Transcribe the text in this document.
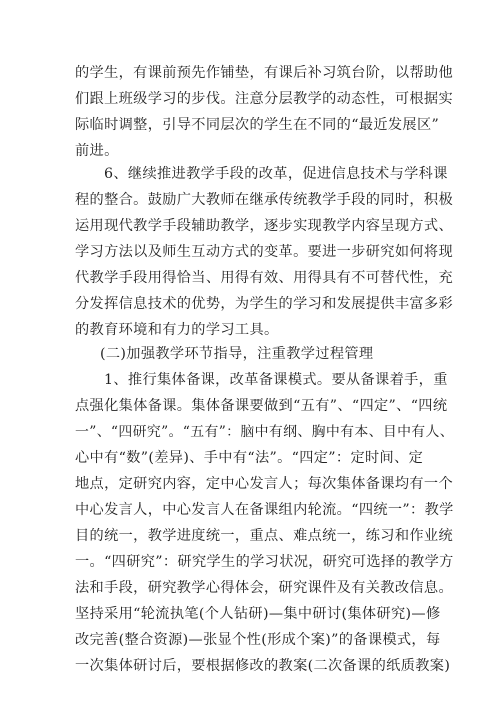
的学生，有课前预先作铺垫，有课后补习筑台阶，以帮助他
们跟上班级学习的步伐。注意分层教学的动态性，可根据实
际临时调整，引导不同层次的学生在不同的“最近发展区”
前进。
6、继续推进教学手段的改革，促进信息技术与学科课
程的整合。鼓励广大教师在继承传统教学手段的同时，积极
运用现代教学手段辅助教学，逐步实现教学内容呈现方式、
学习方法以及师生互动方式的变革。要进一步研究如何将现
代教学手段用得恰当、用得有效、用得具有不可替代性，充
分发挥信息技术的优势，为学生的学习和发展提供丰富多彩
的教育环境和有力的学习工具。
(二)加强教学环节指导，注重教学过程管理
1、推行集体备课，改革备课模式。要从备课着手，重
点强化集体备课。集体备课要做到“五有”、“四定”、“四统
一”、“四研究”。“五有”：脑中有纲、胸中有本、目中有人、
心中有“数”(差异)、手中有“法”。“四定”：定时间、定
地点，定研究内容，定中心发言人；每次集体备课均有一个
中心发言人，中心发言人在备课组内轮流。“四统一”：教学
目的统一，教学进度统一，重点、难点统一，练习和作业统
一。“四研究”：研究学生的学习状况，研究可选择的教学方
法和手段，研究教学心得体会，研究课件及有关教改信息。
坚持采用“轮流执笔(个人钻研)—集中研讨(集体研究)—修
改完善(整合资源)—张显个性(形成个案)”的备课模式，每
一次集体研讨后，要根据修改的教案(二次备课的纸质教案)
